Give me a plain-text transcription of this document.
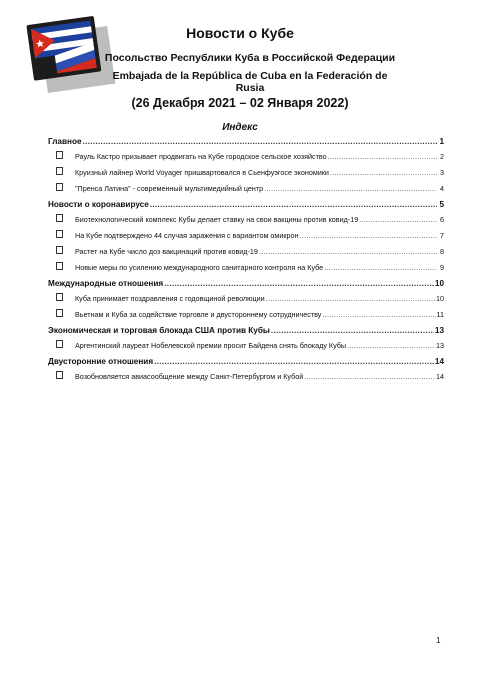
Новости о Кубе
Посольство Республики Куба в Российской Федерации
Embajada de la República de Cuba en la Federación de Rusia
(26 Декабря 2021 – 02 Января 2022)
Индекс
Главное .....	1
Рауль Кастро призывает продвигать на Кубе городское сельское хозяйство .....	2
Круизный лайнер World Voyager пришвартовался в Сьенфуэгосе экономики .....	3
"Пренса Латина" - современный мультимедийный центр .....	4
Новости о коронавирусе .....	5
Биотехнологический комплекс Кубы делает ставку на свои вакцины против ковид-19 .....	6
На Кубе подтверждено 44 случая заражения с вариантом омикрон .....	7
Растет на Кубе число доз вакцинаций против ковид-19 .....	8
Новые меры по усилению международного санитарного контроля на Кубе .....	9
Международные отношения .....	10
Куба принимает поздравления с годовщиной революции .....	10
Вьетнам и Куба за содействие торговле и двустороннему сотрудничеству .....	11
Экономическая и торговая блокада США против Кубы .....	13
Аргентинский лауреат Нобелевской премии просит Байдена снять блокаду Кубы .....	13
Двусторонние отношения .....	14
Возобновляется авиасообщение между Санкт-Петербургом и Кубой .....	14
1
